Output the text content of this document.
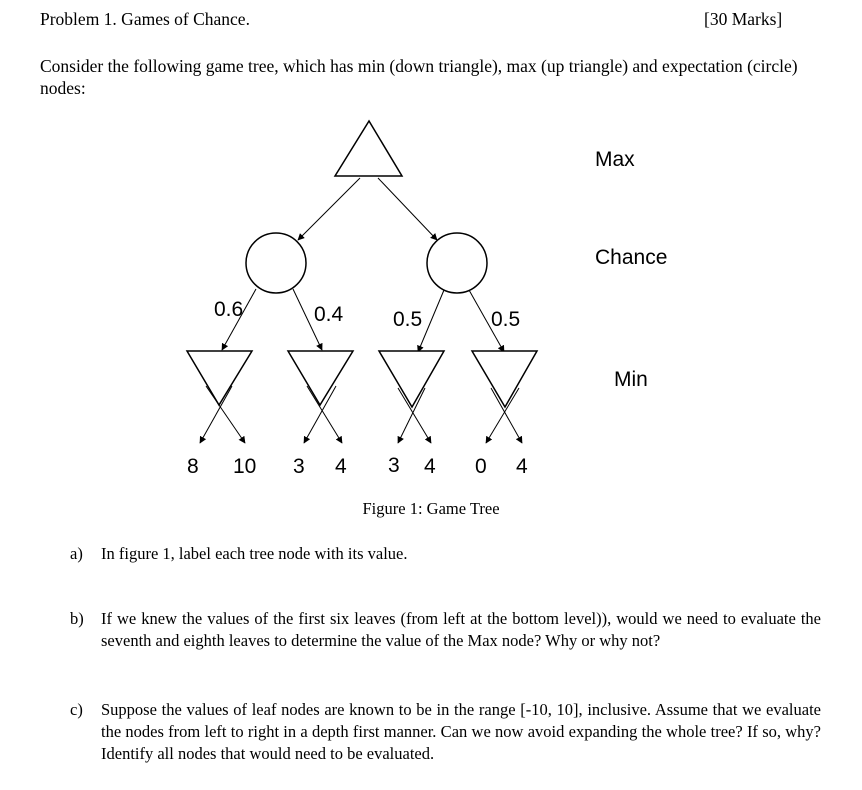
Problem 1. Games of Chance.	[30 Marks]
Consider the following game tree, which has min (down triangle), max (up triangle) and expectation (circle) nodes:
0.6	0.4 0.5	0.5
8 10 3 4 3 4 0 4
Max
Chance
Min
Figure 1: Game Tree
a) In figure 1, label each tree node with its value.
b) If we knew the values of the first six leaves (from left at the bottom level)), would we need to evaluate the seventh and eighth leaves to determine the value of the Max node? Why or why not?
c) Suppose the values of leaf nodes are known to be in the range [-10, 10], inclusive. Assume that we evaluate the nodes from left to right in a depth first manner. Can we now avoid expanding the whole tree? If so, why? Identify all nodes that would need to be evaluated.
